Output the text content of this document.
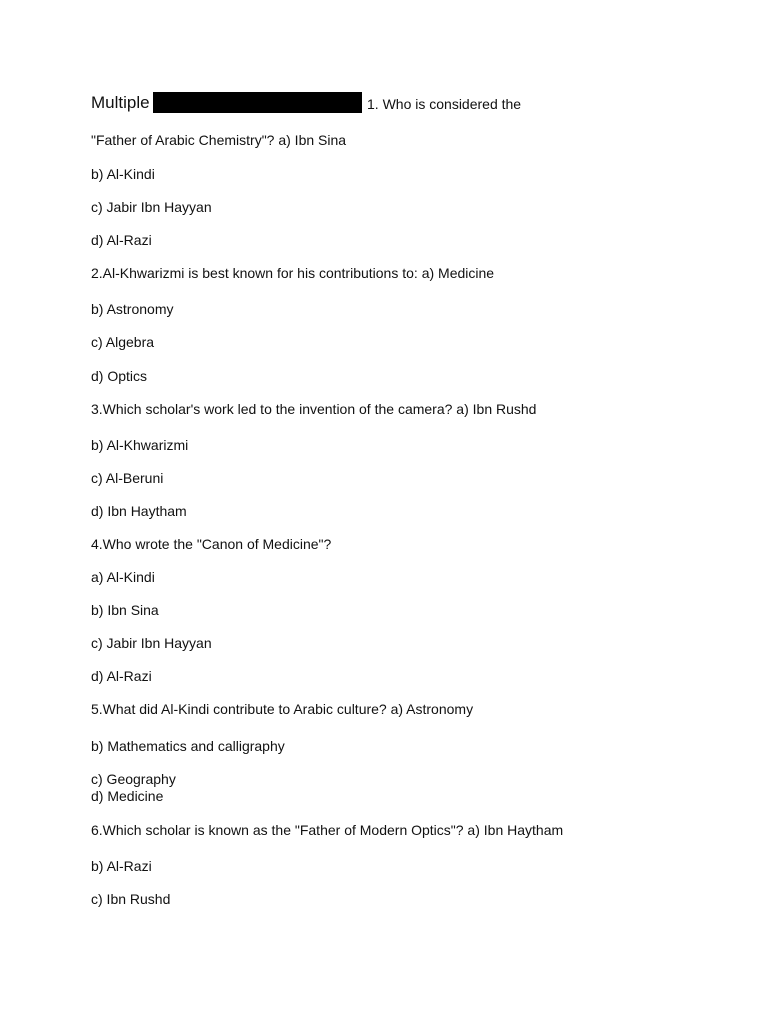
Multiple	1. Who is considered the
"Father of Arabic Chemistry"? a) Ibn Sina
b) Al-Kindi
c) Jabir Ibn Hayyan
d) Al-Razi
2.Al-Khwarizmi is best known for his contributions to: a) Medicine
b) Astronomy
c) Algebra
d) Optics
3.Which scholar's work led to the invention of the camera? a) Ibn Rushd
b) Al-Khwarizmi
c) Al-Beruni
d) Ibn Haytham
4.Who wrote the "Canon of Medicine"?
a) Al-Kindi
b) Ibn Sina
c) Jabir Ibn Hayyan
d) Al-Razi
5.What did Al-Kindi contribute to Arabic culture? a) Astronomy
b) Mathematics and calligraphy
c) Geography
d) Medicine
6.Which scholar is known as the "Father of Modern Optics"? a) Ibn Haytham
b) Al-Razi
c) Ibn Rushd
